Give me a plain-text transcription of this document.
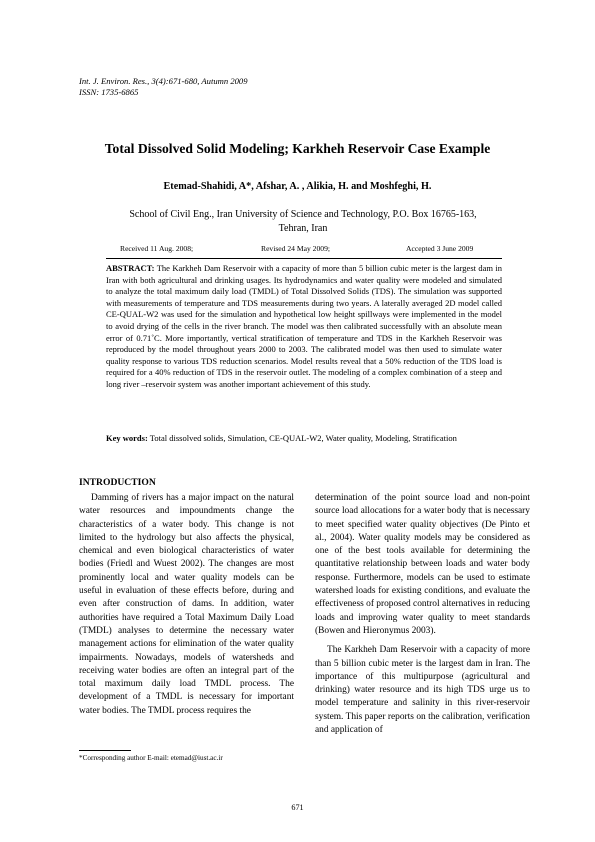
Int. J. Environ. Res., 3(4):671-680, Autumn 2009
ISSN: 1735-6865
Total Dissolved Solid Modeling; Karkheh Reservoir Case Example
Etemad-Shahidi, A*, Afshar, A. , Alikia, H. and Moshfeghi, H.
School of Civil Eng., Iran University of Science and Technology, P.O. Box 16765-163, Tehran, Iran
Received 11 Aug. 2008;	Revised 24 May 2009;	Accepted 3 June 2009
ABSTRACT: The Karkheh Dam Reservoir with a capacity of more than 5 billion cubic meter is the largest dam in Iran with both agricultural and drinking usages. Its hydrodynamics and water quality were modeled and simulated to analyze the total maximum daily load (TMDL) of Total Dissolved Solids (TDS). The simulation was supported with measurements of temperature and TDS measurements during two years. A laterally averaged 2D model called CE-QUAL-W2 was used for the simulation and hypothetical low height spillways were implemented in the model to avoid drying of the cells in the river branch. The model was then calibrated successfully with an absolute mean error of 0.71˚C. More importantly, vertical stratification of temperature and TDS in the Karkheh Reservoir was reproduced by the model throughout years 2000 to 2003. The calibrated model was then used to simulate water quality response to various TDS reduction scenarios. Model results reveal that a 50% reduction of the TDS load is required for a 40% reduction of TDS in the reservoir outlet. The modeling of a complex combination of a steep and long river –reservoir system was another important achievement of this study.
Key words: Total dissolved solids, Simulation, CE-QUAL-W2, Water quality, Modeling, Stratification
INTRODUCTION

Damming of rivers has a major impact on the natural water resources and impoundments change the characteristics of a water body. This change is not limited to the hydrology but also affects the physical, chemical and even biological characteristics of water bodies (Friedl and Wuest 2002). The changes are most prominently local and water quality models can be useful in evaluation of these effects before, during and even after construction of dams. In addition, water authorities have required a Total Maximum Daily Load (TMDL) analyses to determine the necessary water management actions for elimination of the water quality impairments. Nowadays, models of watersheds and receiving water bodies are often an integral part of the total maximum daily load TMDL process. The development of a TMDL is necessary for important water bodies. The TMDL process requires the

determination of the point source load and non-point source load allocations for a water body that is necessary to meet specified water quality objectives (De Pinto et al., 2004). Water quality models may be considered as one of the best tools available for determining the quantitative relationship between loads and water body response. Furthermore, models can be used to estimate watershed loads for existing conditions, and evaluate the effectiveness of proposed control alternatives in reducing loads and improving water quality to meet standards (Bowen and Hieronymus 2003).

The Karkheh Dam Reservoir with a capacity of more than 5 billion cubic meter is the largest dam in Iran. The importance of this multipurpose (agricultural and drinking) water resource and its high TDS urge us to model temperature and salinity in this river-reservoir system. This paper reports on the calibration, verification and application of

*Corresponding author E-mail: etemad@iust.ac.ir
671
